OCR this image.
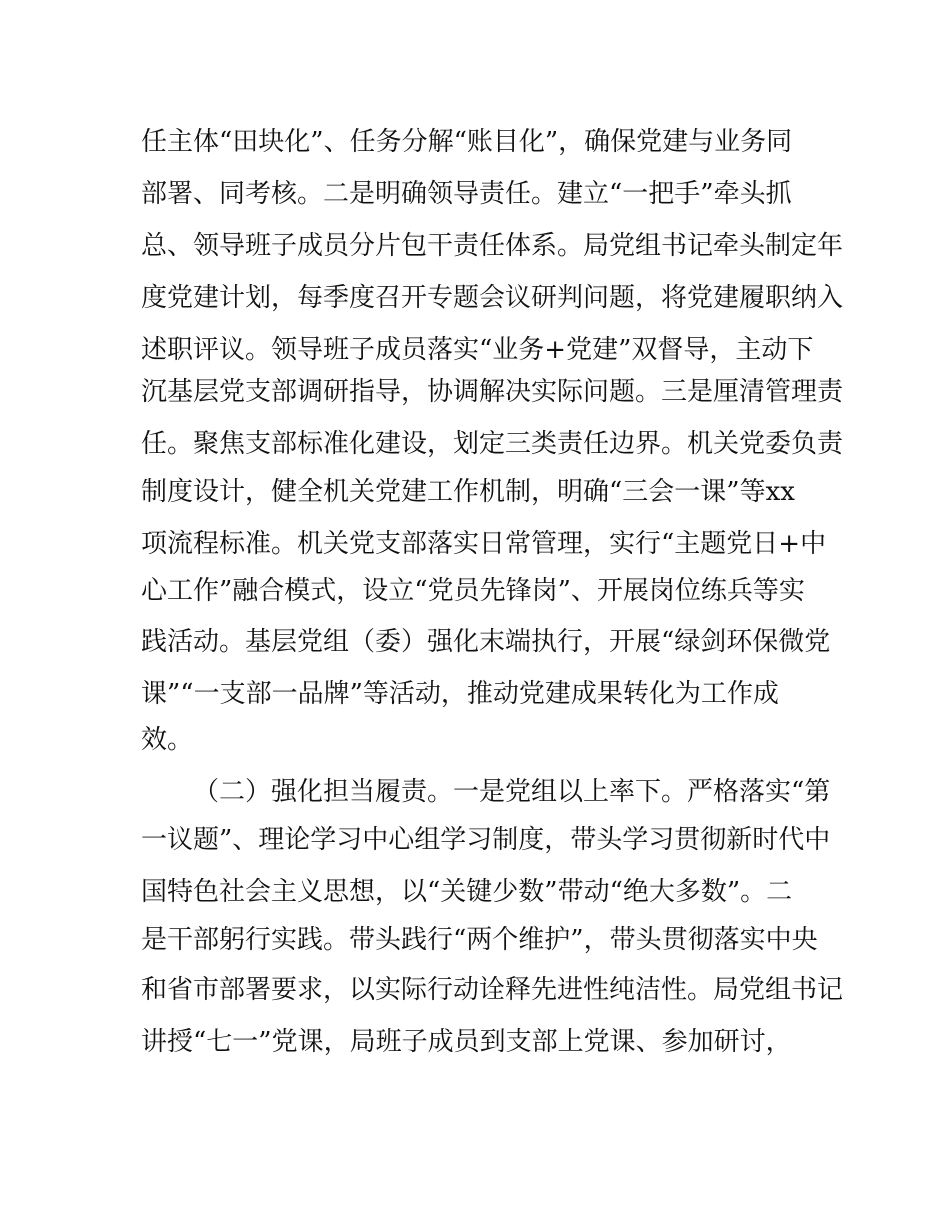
任主体“田块化”、任务分解“账目化”，确保党建与业务同
部署、同考核。二是明确领导责任。建立“一把手”牵头抓
总、领导班子成员分片包干责任体系。局党组书记牵头制定年
度党建计划，每季度召开专题会议研判问题，将党建履职纳入
述职评议。领导班子成员落实“业务+党建”双督导，主动下
沉基层党支部调研指导，协调解决实际问题。三是厘清管理责
任。聚焦支部标准化建设，划定三类责任边界。机关党委负责
制度设计，健全机关党建工作机制，明确“三会一课”等xx
项流程标准。机关党支部落实日常管理，实行“主题党日+中
心工作”融合模式，设立“党员先锋岗”、开展岗位练兵等实
践活动。基层党组（委）强化末端执行，开展“绿剑环保微党
课”“一支部一品牌”等活动，推动党建成果转化为工作成
效。
（二）强化担当履责。一是党组以上率下。严格落实“第
一议题”、理论学习中心组学习制度，带头学习贯彻新时代中
国特色社会主义思想，以“关键少数”带动“绝大多数”。二
是干部躬行实践。带头践行“两个维护”，带头贯彻落实中央
和省市部署要求，以实际行动诠释先进性纯洁性。局党组书记
讲授“七一”党课，局班子成员到支部上党课、参加研讨，
